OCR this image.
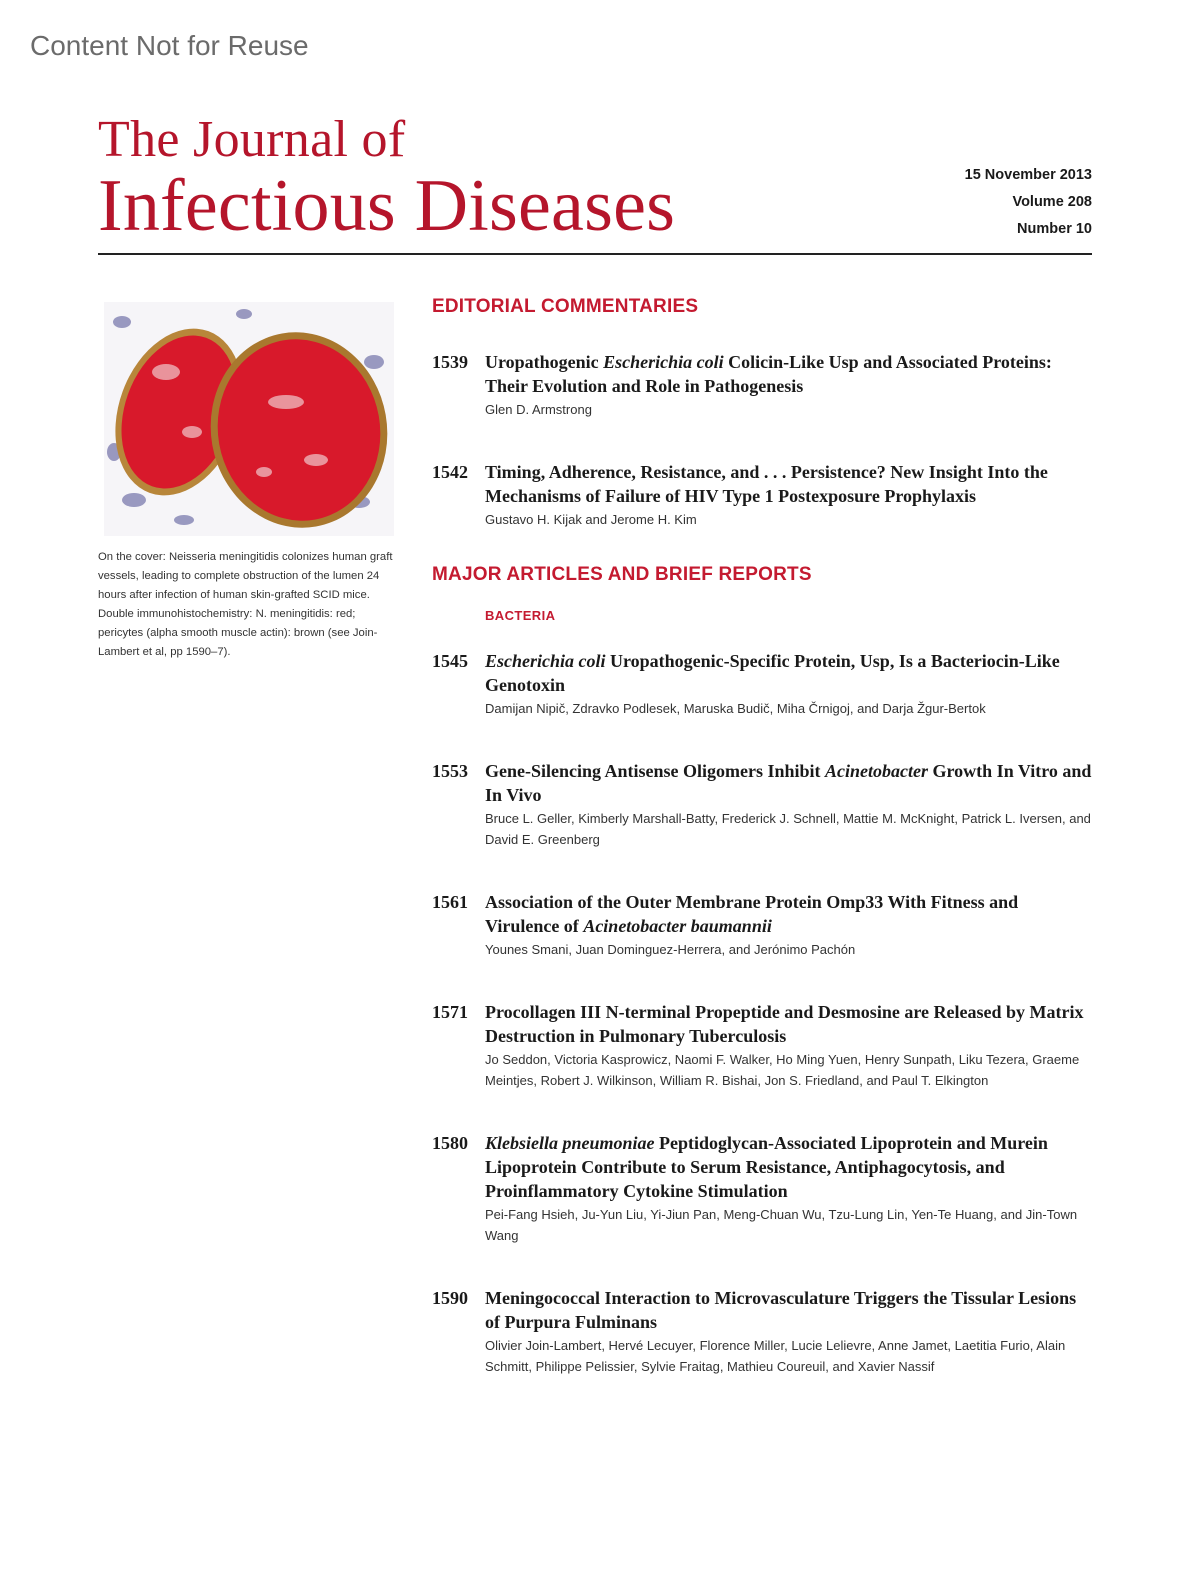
Content Not for Reuse
The Journal of
Infectious Diseases	15 November 2013
Volume 208
Number 10
On the cover: Neisseria meningitidis colonizes human graft vessels, leading to complete obstruction of the lumen 24 hours after infection of human skin-grafted SCID mice. Double immunohistochemistry: N. meningitidis: red; pericytes (alpha smooth muscle actin): brown (see Join-Lambert et al, pp 1590–7).
EDITORIAL COMMENTARIES
1539 Uropathogenic Escherichia coli Colicin-Like Usp and Associated Proteins: Their Evolution and Role in Pathogenesis
Glen D. Armstrong
1542 Timing, Adherence, Resistance, and . . . Persistence? New Insight Into the Mechanisms of Failure of HIV Type 1 Postexposure Prophylaxis
Gustavo H. Kijak and Jerome H. Kim
MAJOR ARTICLES AND BRIEF REPORTS
BACTERIA
1545 Escherichia coli Uropathogenic-Specific Protein, Usp, Is a Bacteriocin-Like Genotoxin
Damijan Nipič, Zdravko Podlesek, Maruska Budič, Miha Črnigoj, and Darja Žgur-Bertok
1553 Gene-Silencing Antisense Oligomers Inhibit Acinetobacter Growth In Vitro and In Vivo
Bruce L. Geller, Kimberly Marshall-Batty, Frederick J. Schnell, Mattie M. McKnight, Patrick L. Iversen, and David E. Greenberg
1561 Association of the Outer Membrane Protein Omp33 With Fitness and Virulence of Acinetobacter baumannii
Younes Smani, Juan Dominguez-Herrera, and Jerónimo Pachón
1571 Procollagen III N-terminal Propeptide and Desmosine are Released by Matrix Destruction in Pulmonary Tuberculosis
Jo Seddon, Victoria Kasprowicz, Naomi F. Walker, Ho Ming Yuen, Henry Sunpath, Liku Tezera, Graeme Meintjes, Robert J. Wilkinson, William R. Bishai, Jon S. Friedland, and Paul T. Elkington
1580 Klebsiella pneumoniae Peptidoglycan-Associated Lipoprotein and Murein Lipoprotein Contribute to Serum Resistance, Antiphagocytosis, and Proinflammatory Cytokine Stimulation
Pei-Fang Hsieh, Ju-Yun Liu, Yi-Jiun Pan, Meng-Chuan Wu, Tzu-Lung Lin, Yen-Te Huang, and Jin-Town Wang
1590 Meningococcal Interaction to Microvasculature Triggers the Tissular Lesions of Purpura Fulminans
Olivier Join-Lambert, Hervé Lecuyer, Florence Miller, Lucie Lelievre, Anne Jamet, Laetitia Furio, Alain Schmitt, Philippe Pelissier, Sylvie Fraitag, Mathieu Coureuil, and Xavier Nassif
